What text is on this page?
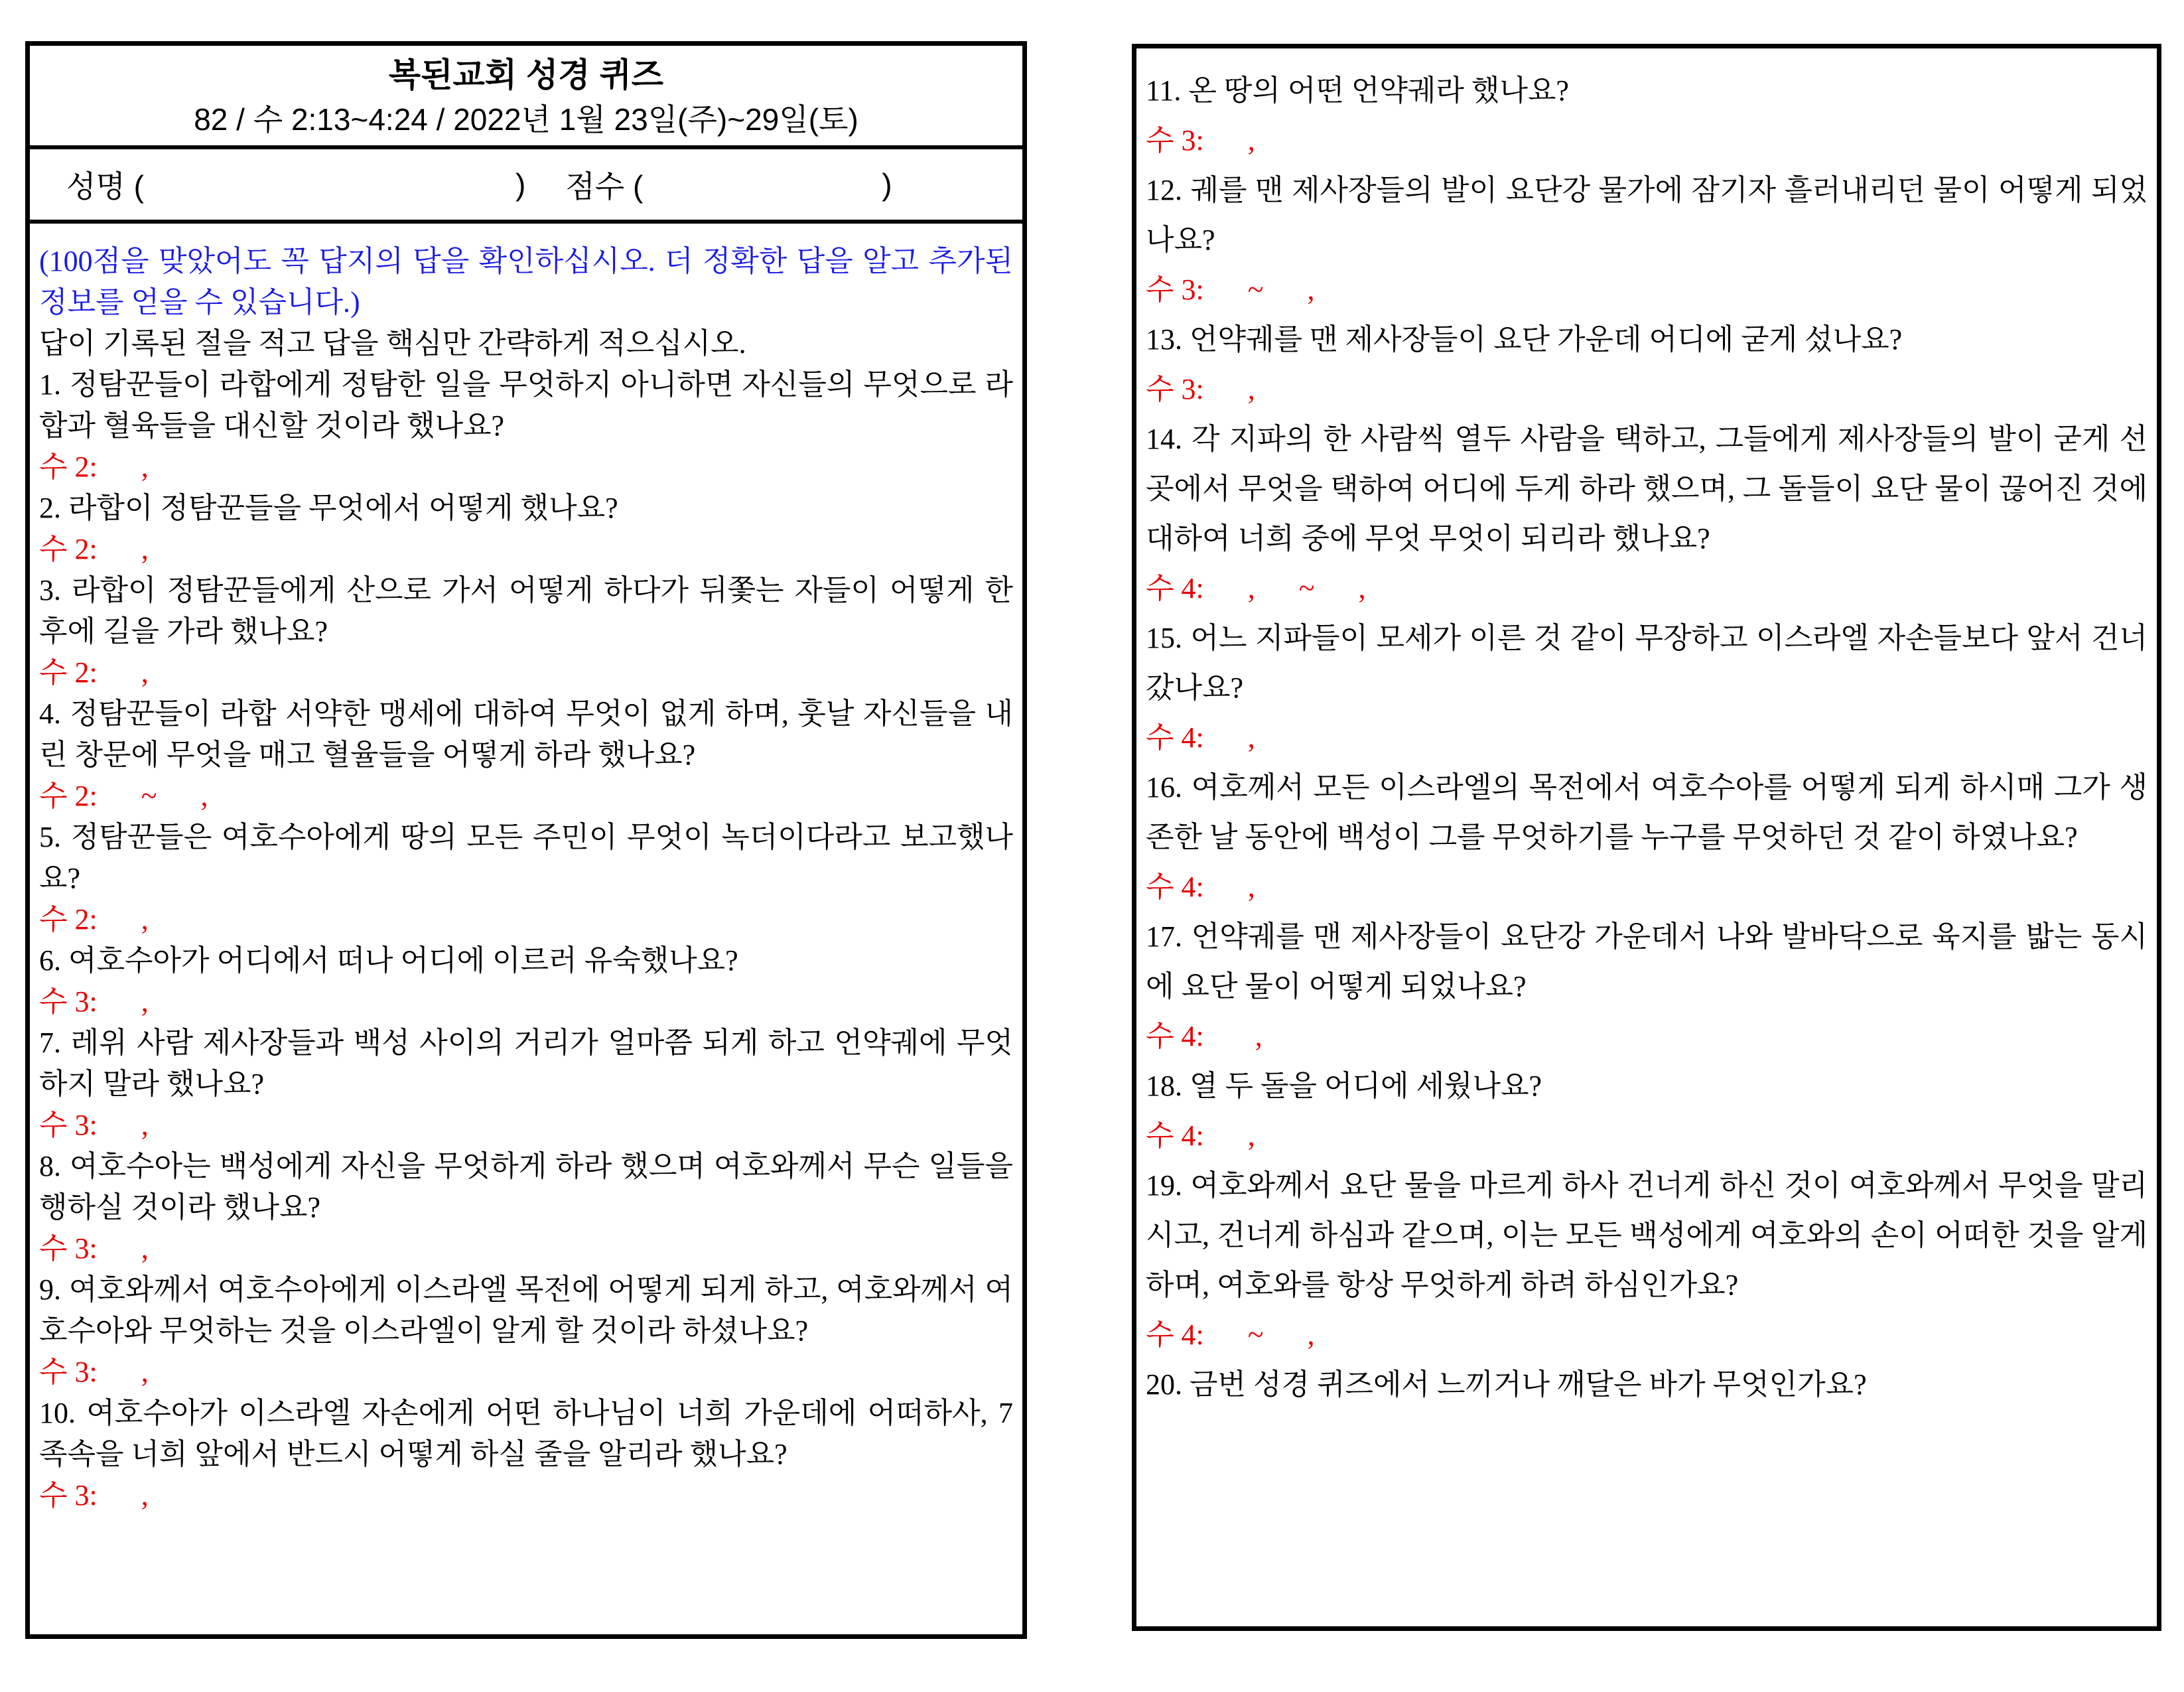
복된교회 성경 퀴즈
82 / 수 2:13~4:24 / 2022년 1월 23일(주)~29일(토)
성명 (	) 점수 (	)

(100점을 맞았어도 꼭 답지의 답을 확인하십시오. 더 정확한 답을 알고 추가된 정보를 얻을 수 있습니다.)

답이 기록된 절을 적고 답을 핵심만 간략하게 적으십시오.

1. 정탐꾼들이 라합에게 정탐한 일을 무엇하지 아니하면 자신들의 무엇으로 라합과 혈육들을 대신할 것이라 했나요?

수 2:      ,

2. 라합이 정탐꾼들을 무엇에서 어떻게 했나요?

수 2:      ,

3. 라합이 정탐꾼들에게 산으로 가서 어떻게 하다가 뒤쫓는 자들이 어떻게 한 후에 길을 가라 했나요?

수 2:      ,

4. 정탐꾼들이 라합 서약한 맹세에 대하여 무엇이 없게 하며, 훗날 자신들을 내린 창문에 무엇을 매고 혈율들을 어떻게 하라 했나요?

수 2:      ~      ,

5. 정탐꾼들은 여호수아에게 땅의 모든 주민이 무엇이 녹더이다라고 보고했나요?

수 2:      ,

6. 여호수아가 어디에서 떠나 어디에 이르러 유숙했나요?

수 3:      ,

7. 레위 사람 제사장들과 백성 사이의 거리가 얼마쯤 되게 하고 언약궤에 무엇 하지 말라 했나요?

수 3:      ,

8. 여호수아는 백성에게 자신을 무엇하게 하라 했으며 여호와께서 무슨 일들을 행하실 것이라 했나요?

수 3:      ,

9. 여호와께서 여호수아에게 이스라엘 목전에 어떻게 되게 하고, 여호와께서 여호수아와 무엇하는 것을 이스라엘이 알게 할 것이라 하셨나요?

수 3:      ,

10. 여호수아가 이스라엘 자손에게 어떤 하나님이 너희 가운데에 어떠하사, 7 족속을 너희 앞에서 반드시 어떻게 하실 줄을 알리라 했나요?

수 3:      ,

11. 온 땅의 어떤 언약궤라 했나요?

수 3:      ,

12. 궤를 맨 제사장들의 발이 요단강 물가에 잠기자 흘러내리던 물이 어떻게 되었나요?

수 3:      ~      ,

13. 언약궤를 맨 제사장들이 요단 가운데 어디에 굳게 섰나요?

수 3:      ,

14. 각 지파의 한 사람씩 열두 사람을 택하고, 그들에게 제사장들의 발이 굳게 선 곳에서 무엇을 택하여 어디에 두게 하라 했으며, 그 돌들이 요단 물이 끊어진 것에 대하여 너희 중에 무엇 무엇이 되리라 했나요?

수 4:      ,      ~      ,

15. 어느 지파들이 모세가 이른 것 같이 무장하고 이스라엘 자손들보다 앞서 건너갔나요?

수 4:      ,

16. 여호께서 모든 이스라엘의 목전에서 여호수아를 어떻게 되게 하시매 그가 생존한 날 동안에 백성이 그를 무엇하기를 누구를 무엇하던 것 같이 하였나요?

수 4:      ,

17. 언약궤를 맨 제사장들이 요단강 가운데서 나와 발바닥으로 육지를 밟는 동시에 요단 물이 어떻게 되었나요?

수 4:       ,

18. 열 두 돌을 어디에 세웠나요?

수 4:      ,

19. 여호와께서 요단 물을 마르게 하사 건너게 하신 것이 여호와께서 무엇을 말리시고, 건너게 하심과 같으며, 이는 모든 백성에게 여호와의 손이 어떠한 것을 알게 하며, 여호와를 항상 무엇하게 하려 하심인가요?

수 4:      ~      ,

20. 금번 성경 퀴즈에서 느끼거나 깨달은 바가 무엇인가요?
